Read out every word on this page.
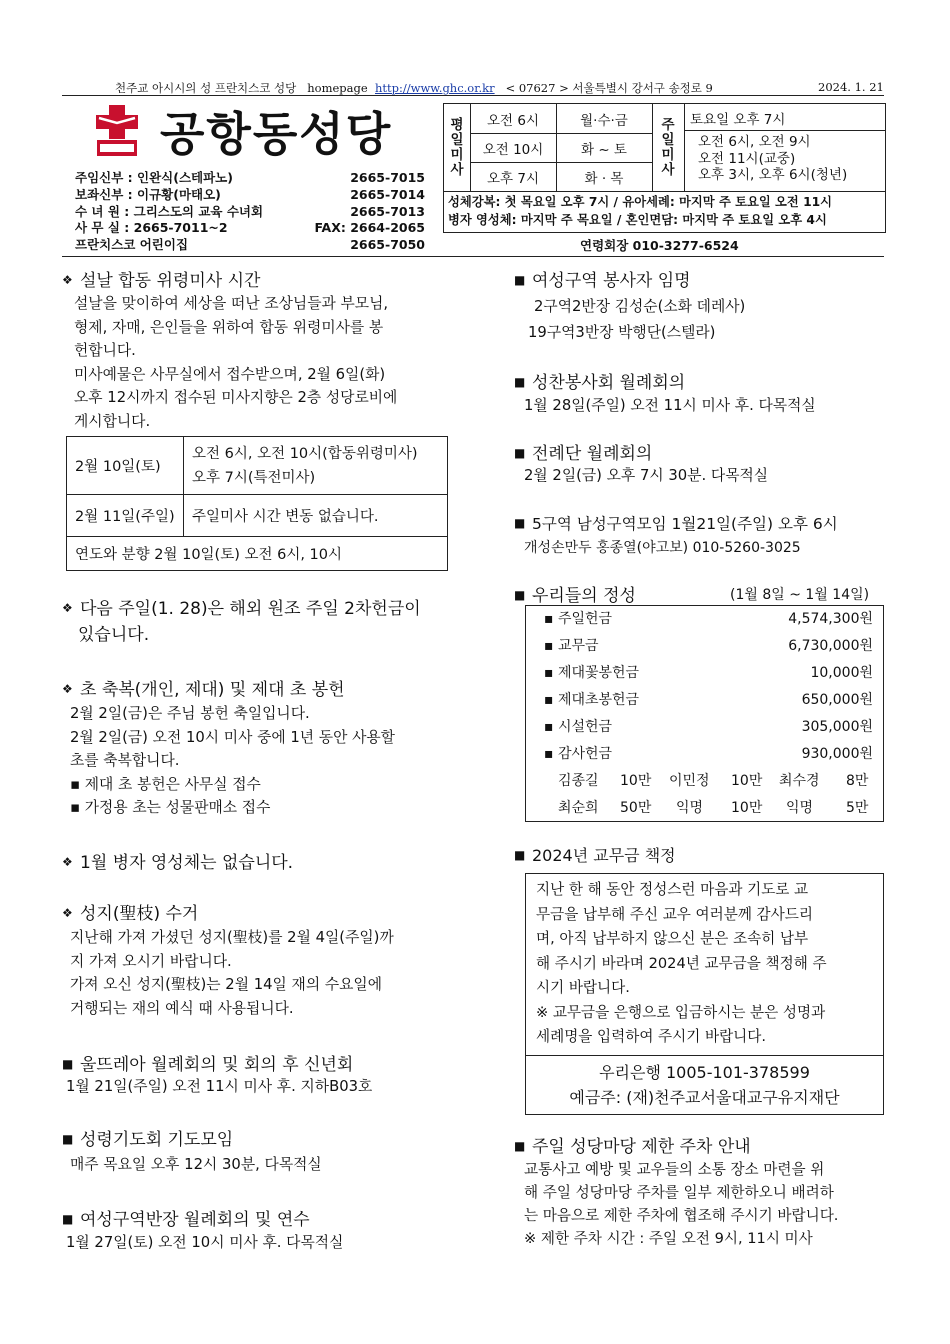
천주교 아시시의 성 프란치스코 성당 homepage http://www.ghc.or.kr < 07627 > 서울특별시 강서구 송정로 9	2024. 1. 21
공항동성당
주임신부 : 인완식(스테파노)	2665-7015
보좌신부 : 이규황(마태오)	2665-7014
수 녀 원 : 그리스도의 교육 수녀회	2665-7013
사 무 실 : 2665-7011~2	FAX: 2664-2065
프란치스코 어린이집	2665-7050
평
일
미
사
오전 6시	월·수·금
오전 10시	화 ~ 토
오후 7시	화 · 목
주
일
미
사
토요일 오후 7시
오전 6시, 오전 9시
오전 11시(교중)
오후 3시, 오후 6시(청년)
성체강복: 첫 목요일 오후 7시 / 유아세례: 마지막 주 토요일 오전 11시
병자 영성체: 마지막 주 목요일 / 혼인면담: 마지막 주 토요일 오후 4시
연령회장 010-3277-6524
❖ 설날 합동 위령미사 시간
설날을 맞이하여 세상을 떠난 조상님들과 부모님,
형제, 자매, 은인들을 위하여 합동 위령미사를 봉
헌합니다.
미사예물은 사무실에서 접수받으며, 2월 6일(화)
오후 12시까지 접수된 미사지향은 2층 성당로비에
게시합니다.
2월 10일(토)	오전 6시, 오전 10시(합동위령미사)
오후 7시(특전미사)

2월 11일(주일)	주일미사 시간 변동 없습니다.
연도와 분향 2월 10일(토) 오전 6시, 10시	
❖ 다음 주일(1. 28)은 해외 원조 주일 2차헌금이
있습니다.
❖ 초 축복(개인, 제대) 및 제대 초 봉헌
2월 2일(금)은 주님 봉헌 축일입니다.
2월 2일(금) 오전 10시 미사 중에 1년 동안 사용할
초를 축복합니다.
▪ 제대 초 봉헌은 사무실 접수
▪ 가정용 초는 성물판매소 접수
❖ 1월 병자 영성체는 없습니다.
❖ 성지(聖枝) 수거
지난해 가져 가셨던 성지(聖枝)를 2월 4일(주일)까
지 가져 오시기 바랍니다.
가져 오신 성지(聖枝)는 2월 14일 재의 수요일에
거행되는 재의 예식 때 사용됩니다.
■ 울뜨레아 월례회의 및 회의 후 신년회
1월 21일(주일) 오전 11시 미사 후. 지하B03호
■ 성령기도회 기도모임
매주 목요일 오후 12시 30분, 다목적실
■ 여성구역반장 월례회의 및 연수
1월 27일(토) 오전 10시 미사 후. 다목적실
■ 여성구역 봉사자 임명
2구역2반장 김성순(소화 데레사)
19구역3반장 박행단(스텔라)
■ 성찬봉사회 월례회의
1월 28일(주일) 오전 11시 미사 후. 다목적실
■ 전례단 월례회의
2월 2일(금) 오후 7시 30분. 다목적실
■ 5구역 남성구역모임 1월21일(주일) 오후 6시
개성손만두 홍종열(야고보) 010-5260-3025
■ 우리들의 정성	(1월 8일 ~ 1월 14일)
▪ 주일헌금	4,574,300원
▪ 교무금	6,730,000원
▪ 제대꽃봉헌금	10,000원
▪ 제대초봉헌금	650,000원
▪ 시설헌금	305,000원
▪ 감사헌금	930,000원
김종길 10만 이민정 10만 최수경 8만
최순희 50만 익명 10만 익명 5만
■ 2024년 교무금 책정
지난 한 해 동안 정성스런 마음과 기도로 교
무금을 납부해 주신 교우 여러분께 감사드리
며, 아직 납부하지 않으신 분은 조속히 납부
해 주시기 바라며 2024년 교무금을 책정해 주
시기 바랍니다.
※ 교무금을 은행으로 입금하시는 분은 성명과
세례명을 입력하여 주시기 바랍니다.
우리은행 1005-101-378599
예금주: (재)천주교서울대교구유지재단
■ 주일 성당마당 제한 주차 안내
교통사고 예방 및 교우들의 소통 장소 마련을 위
해 주일 성당마당 주차를 일부 제한하오니 배려하
는 마음으로 제한 주차에 협조해 주시기 바랍니다.
※ 제한 주차 시간 : 주일 오전 9시, 11시 미사
